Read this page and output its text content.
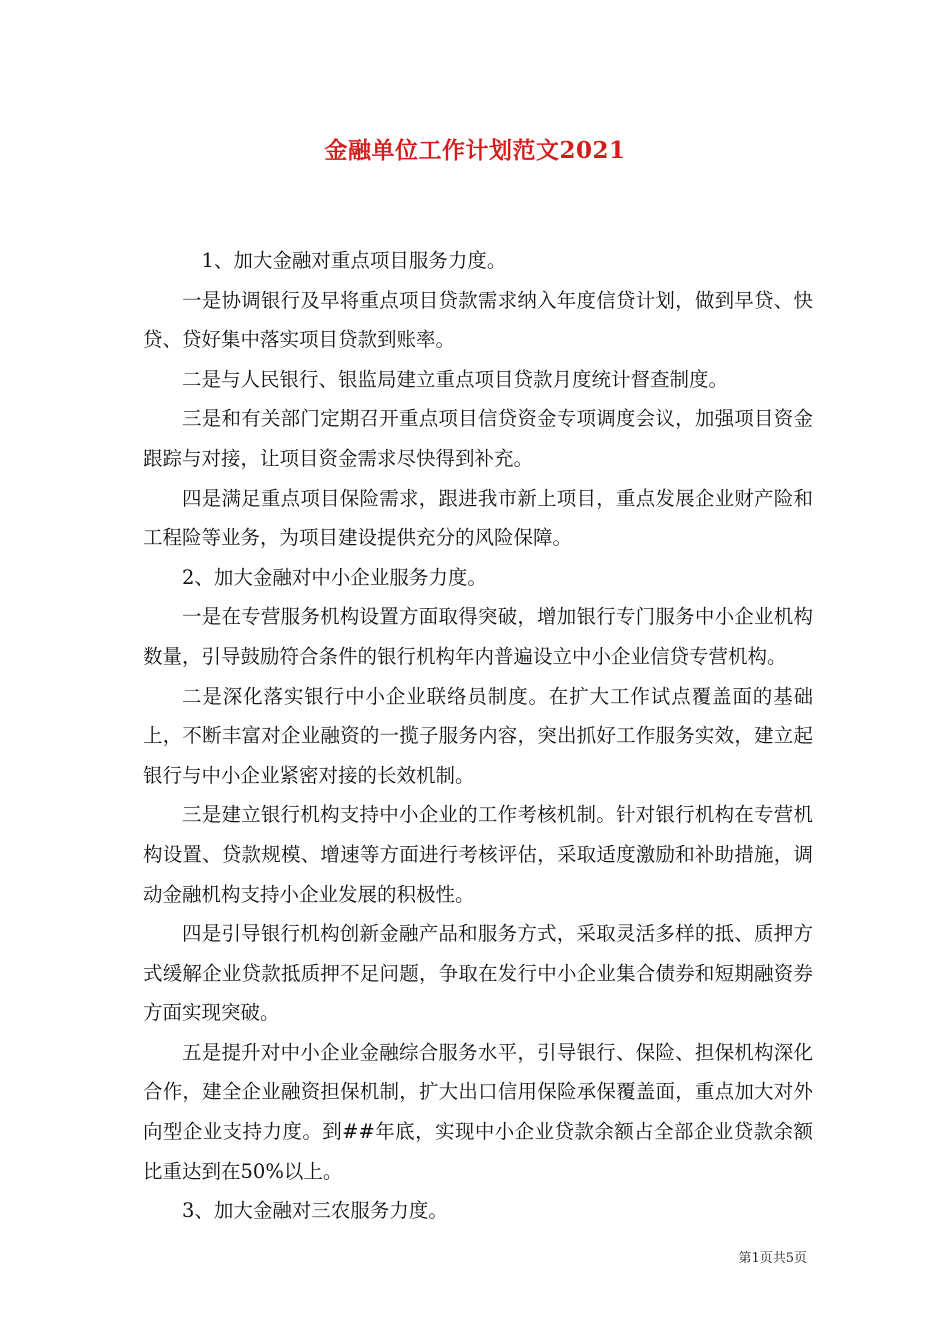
金融单位工作计划范文2021

1、加大金融对重点项目服务力度。

一是协调银行及早将重点项目贷款需求纳入年度信贷计划，做到早贷、快贷、贷好集中落实项目贷款到账率。

二是与人民银行、银监局建立重点项目贷款月度统计督查制度。

三是和有关部门定期召开重点项目信贷资金专项调度会议，加强项目资金跟踪与对接，让项目资金需求尽快得到补充。

四是满足重点项目保险需求，跟进我市新上项目，重点发展企业财产险和工程险等业务，为项目建设提供充分的风险保障。

2、加大金融对中小企业服务力度。

一是在专营服务机构设置方面取得突破，增加银行专门服务中小企业机构数量，引导鼓励符合条件的银行机构年内普遍设立中小企业信贷专营机构。

二是深化落实银行中小企业联络员制度。在扩大工作试点覆盖面的基础上，不断丰富对企业融资的一揽子服务内容，突出抓好工作服务实效，建立起银行与中小企业紧密对接的长效机制。

三是建立银行机构支持中小企业的工作考核机制。针对银行机构在专营机构设置、贷款规模、增速等方面进行考核评估，采取适度激励和补助措施，调动金融机构支持小企业发展的积极性。

四是引导银行机构创新金融产品和服务方式，采取灵活多样的抵、质押方式缓解企业贷款抵质押不足问题，争取在发行中小企业集合债券和短期融资券方面实现突破。

五是提升对中小企业金融综合服务水平，引导银行、保险、担保机构深化合作，建全企业融资担保机制，扩大出口信用保险承保覆盖面，重点加大对外向型企业支持力度。到##年底，实现中小企业贷款余额占全部企业贷款余额比重达到在50%以上。

3、加大金融对三农服务力度。

第1页共5页
